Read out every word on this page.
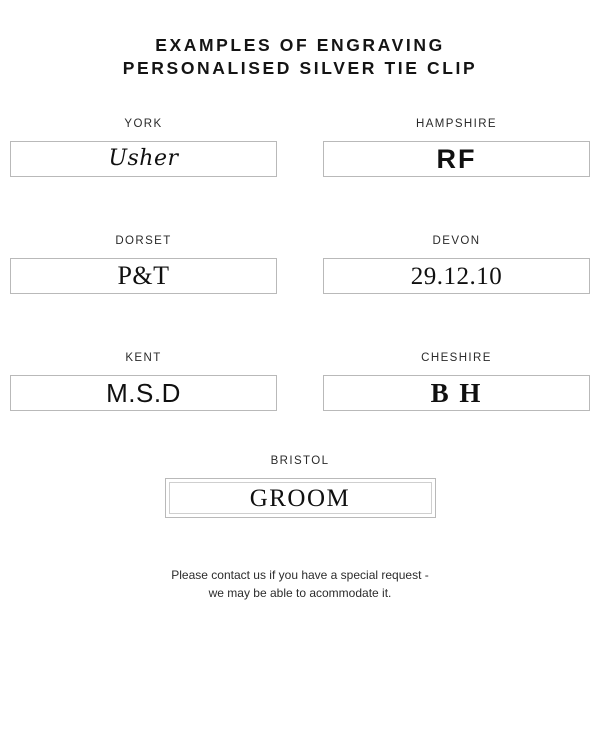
EXAMPLES OF ENGRAVING
PERSONALISED SILVER TIE CLIP
YORK
Usher
HAMPSHIRE
RF
DORSET
P&T
DEVON
29.12.10
KENT
M.S.D
CHESHIRE
B H
BRISTOL
GROOM
Please contact us if you have a special request -
we may be able to acommodate it.
